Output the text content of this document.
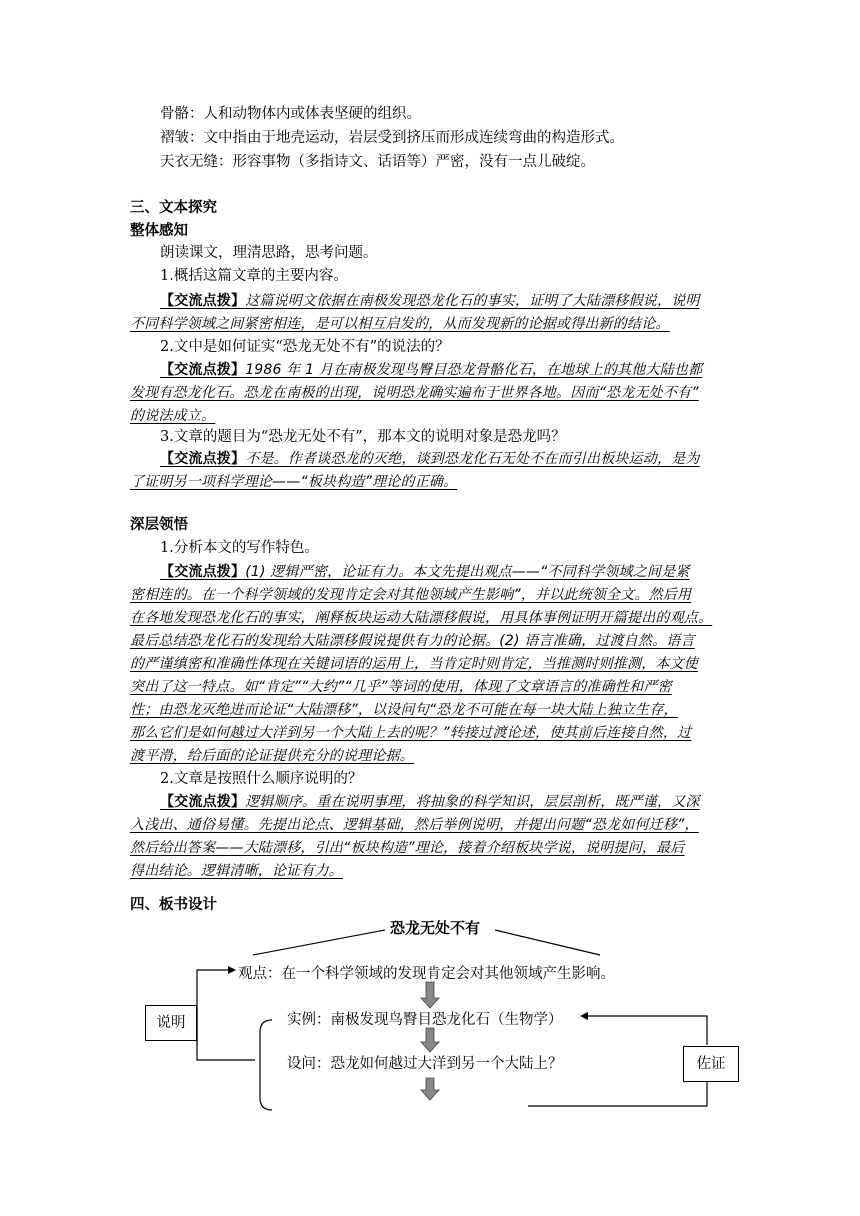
骨骼：人和动物体内或体表坚硬的组织。
褶皱：文中指由于地壳运动，岩层受到挤压而形成连续弯曲的构造形式。
天衣无缝：形容事物（多指诗文、话语等）严密，没有一点儿破绽。
三、文本探究
整体感知
朗读课文，理清思路，思考问题。
1.概括这篇文章的主要内容。
【交流点拨】这篇说明文依据在南极发现恐龙化石的事实，证明了大陆漂移假说，说明
不同科学领域之间紧密相连，是可以相互启发的，从而发现新的论据或得出新的结论。
2.文中是如何证实“恐龙无处不有”的说法的？
【交流点拨】1986 年 1 月在南极发现鸟臀目恐龙骨骼化石，在地球上的其他大陆也都
发现有恐龙化石。恐龙在南极的出现，说明恐龙确实遍布于世界各地。因而“恐龙无处不有”
的说法成立。
3.文章的题目为“恐龙无处不有”，那本文的说明对象是恐龙吗？
【交流点拨】不是。作者谈恐龙的灭绝，谈到恐龙化石无处不在而引出板块运动，是为
了证明另一项科学理论——“板块构造”理论的正确。
深层领悟
1.分析本文的写作特色。
【交流点拨】(1) 逻辑严密，论证有力。本文先提出观点——“不同科学领域之间是紧
密相连的。在一个科学领域的发现肯定会对其他领域产生影响”，并以此统领全文。然后用
在各地发现恐龙化石的事实，阐释板块运动大陆漂移假说，用具体事例证明开篇提出的观点。
最后总结恐龙化石的发现给大陆漂移假说提供有力的论据。(2) 语言准确，过渡自然。语言
的严谨缜密和准确性体现在关键词语的运用上，当肯定时则肯定，当推测时则推测，本文使
突出了这一特点。如“肯定”“大约”“几乎”等词的使用，体现了文章语言的准确性和严密
性；由恐龙灭绝进而论证“大陆漂移”，以设问句“恐龙不可能在每一块大陆上独立生存，
那么它们是如何越过大洋到另一个大陆上去的呢？”转接过渡论述，使其前后连接自然，过
渡平滑，给后面的论证提供充分的说理论据。
2.文章是按照什么顺序说明的？
【交流点拨】逻辑顺序。重在说明事理，将抽象的科学知识，层层剖析，既严谨，又深
入浅出、通俗易懂。先提出论点、逻辑基础，然后举例说明，并提出问题“恐龙如何迁移”，
然后给出答案——大陆漂移，引出“板块构造”理论，接着介绍板块学说，说明提问，最后
得出结论。逻辑清晰，论证有力。
四、板书设计
恐龙无处不有
观点：在一个科学领域的发现肯定会对其他领域产生影响。
实例：南极发现鸟臀目恐龙化石（生物学）
设问：恐龙如何越过大洋到另一个大陆上？
说明
佐证
